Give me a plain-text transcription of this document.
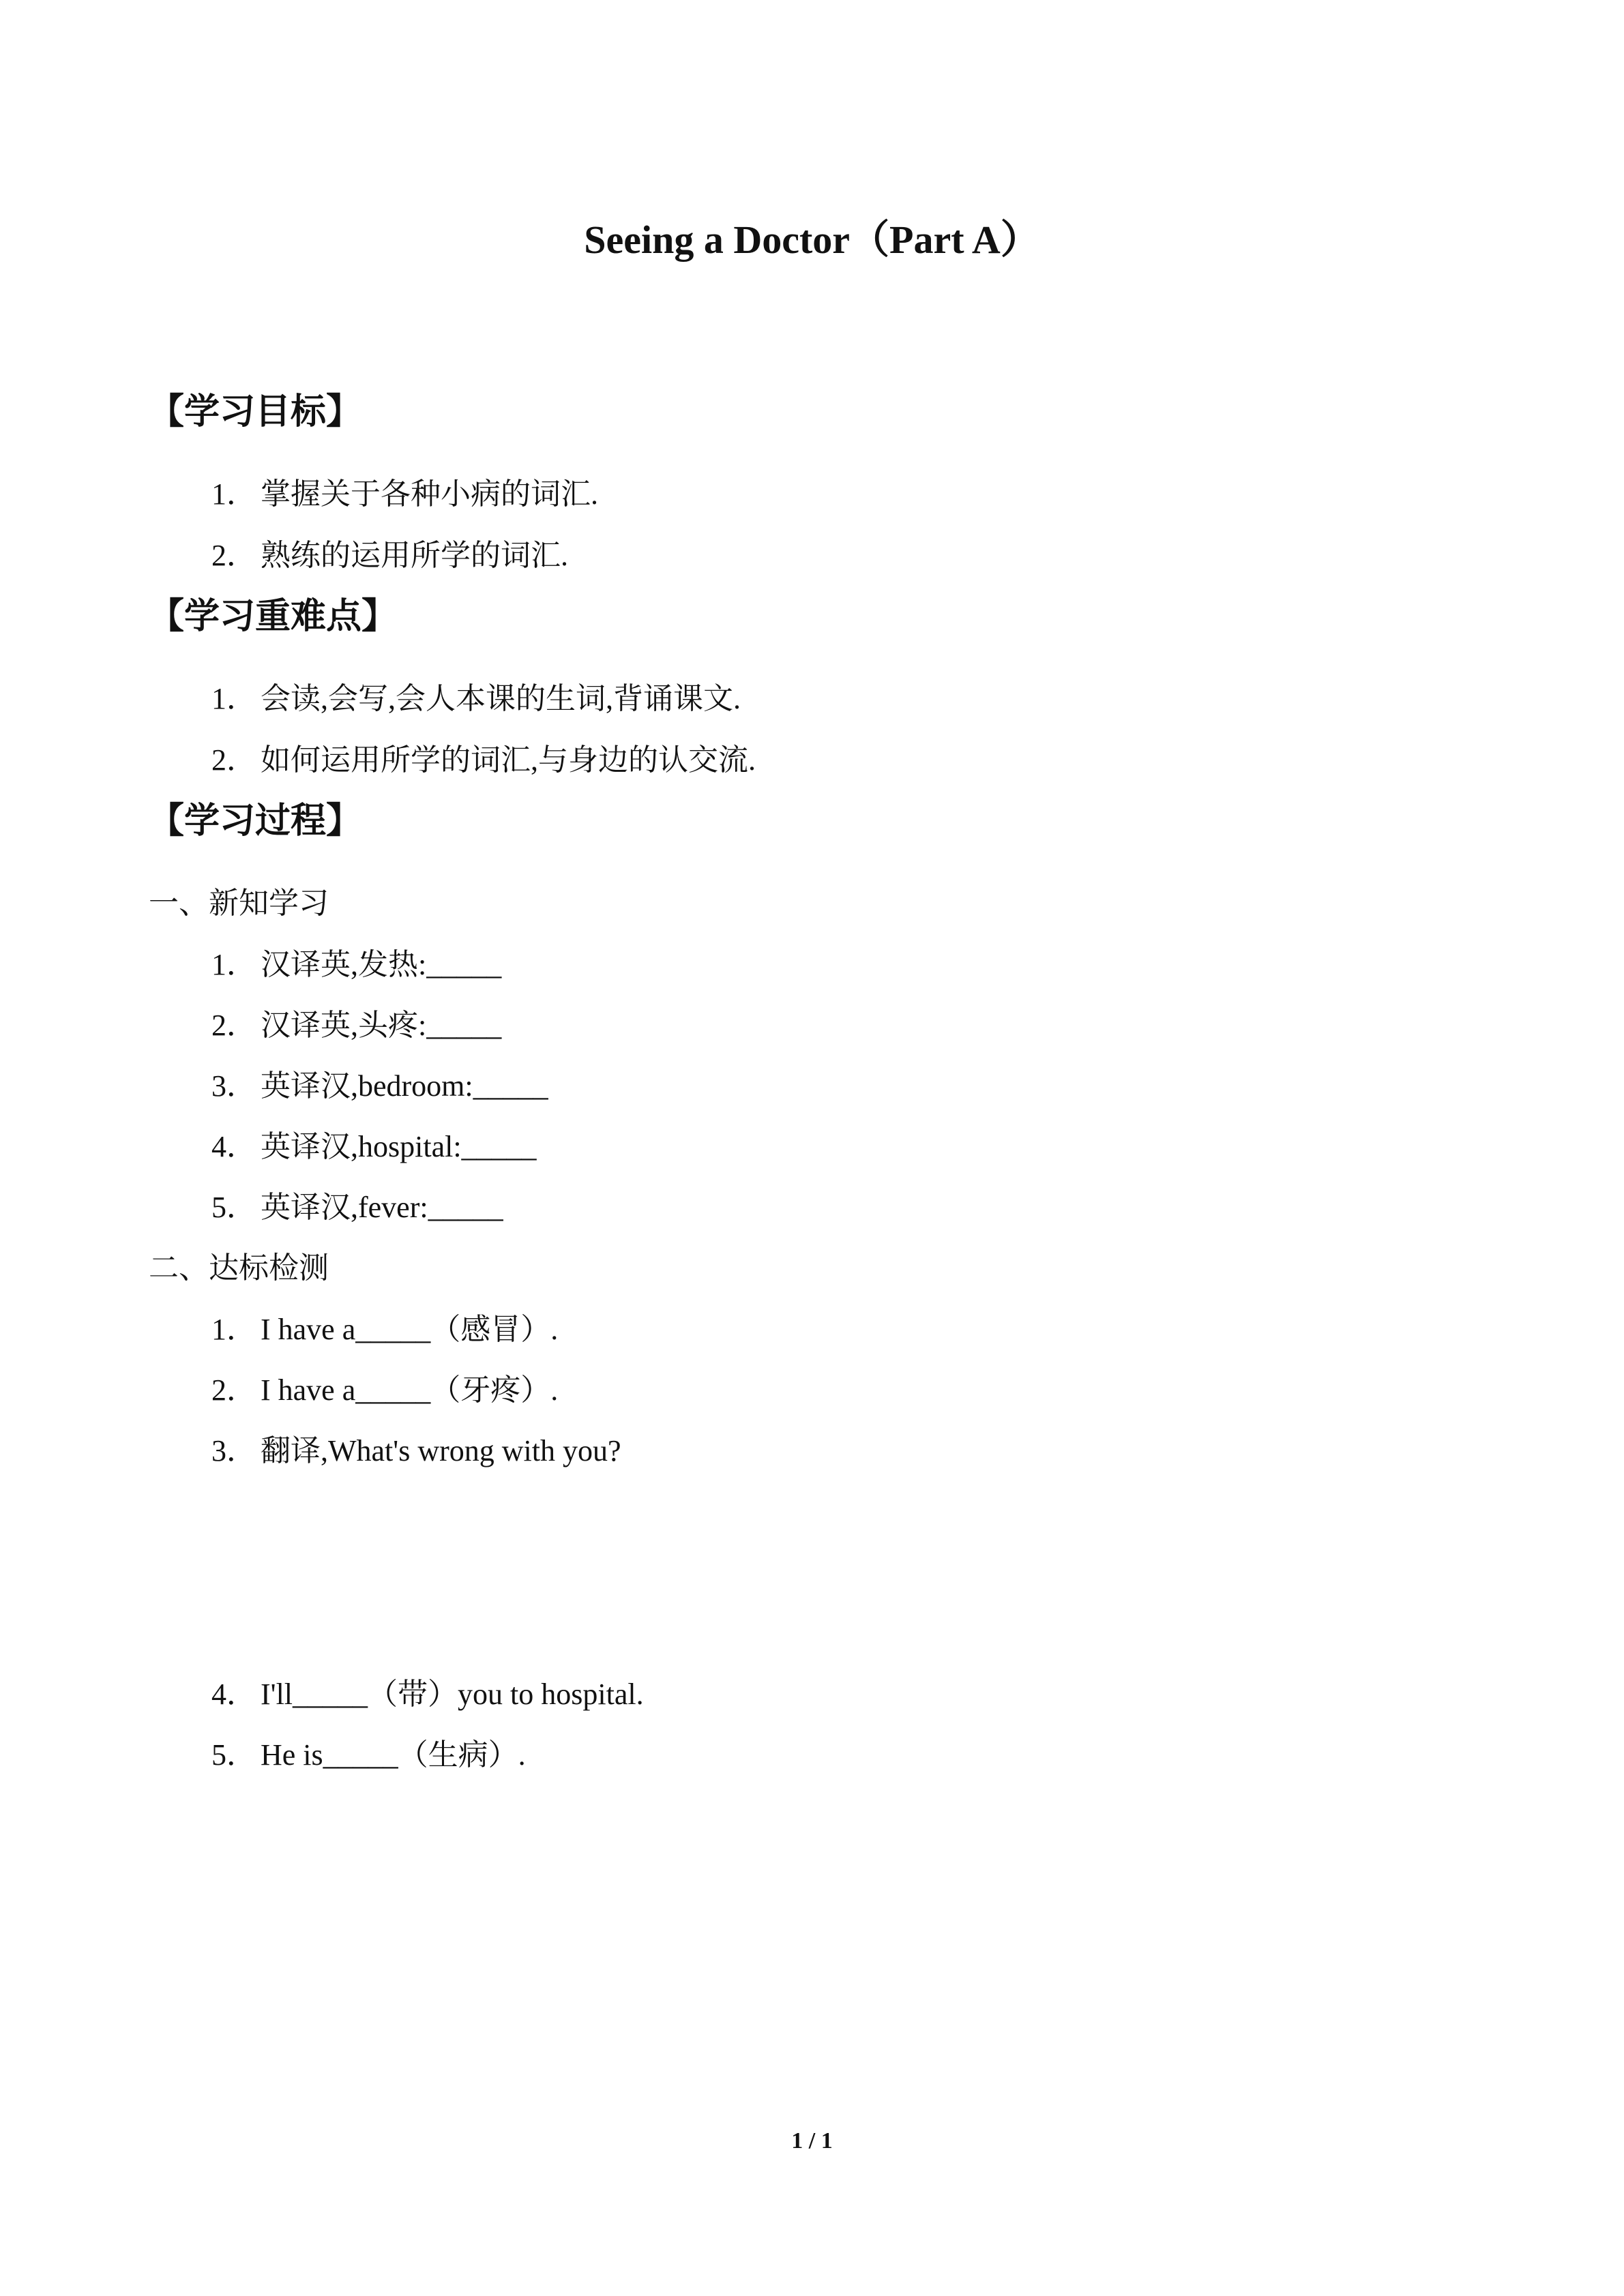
Seeing a Doctor（Part A）
【学习目标】

1． 掌握关于各种小病的词汇.

2． 熟练的运用所学的词汇.

【学习重难点】

1． 会读,会写,会人本课的生词,背诵课文.

2． 如何运用所学的词汇,与身边的认交流.

【学习过程】

一、新知学习

1． 汉译英,发热:_____

2． 汉译英,头疼:_____

3． 英译汉,bedroom:_____

4． 英译汉,hospital:_____

5． 英译汉,fever:_____

二、达标检测

1． I have a_____（感冒）.

2． I have a_____（牙疼）.

3． 翻译,What's wrong with you?

4． I'll_____（带）you to hospital.

5． He is_____（生病）.

1 / 1
